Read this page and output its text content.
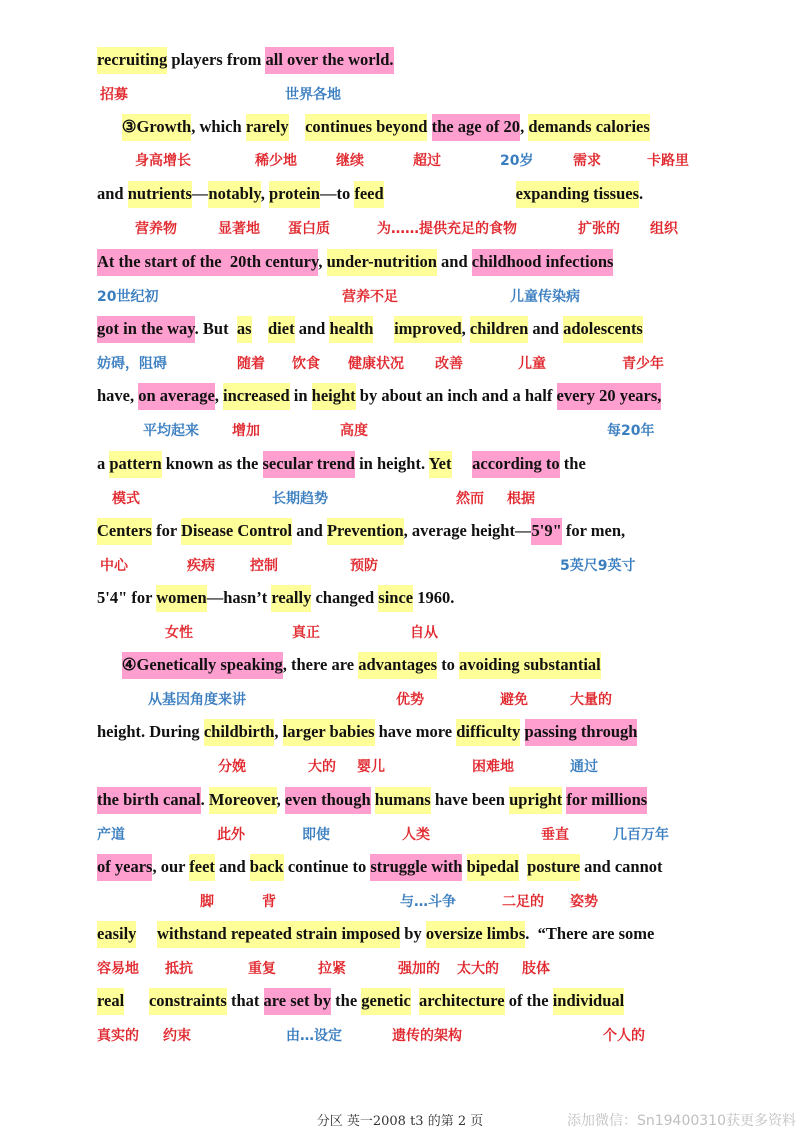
recruiting players from all over the world.
③Growth, which rarely continues beyond the age of 20, demands calories
and nutrients—notably, protein—to feed	expanding tissues.
At the start of the  20th century, under-nutrition and childhood infections
got in the way. But  as diet and health improved, children and adolescents
have, on average, increased in height by about an inch and a half every 20 years,
a pattern known as the secular trend in height. Yet according to the
Centers for Disease Control and Prevention, average height—5'9" for men,
5'4" for women—hasn’t really changed since 1960.
④Genetically speaking, there are advantages to avoiding substantial
height. During childbirth, larger babies have more difficulty passing through
the birth canal. Moreover, even though humans have been upright for millions
of years, our feet and back continue to struggle with bipedal posture and cannot
easily withstand repeated strain imposed by oversize limbs.  “There are some
real constraints that are set by the genetic architecture of the individual
招募	世界各地
身高增长	稀少地	继续	超过	20岁	需求	卡路里
营养物	显著地 蛋白质	为……提供充足的食物	扩张的 组织
20世纪初	营养不足	儿童传染病
妨碍，阻碍	随着 饮食 健康状况 改善	儿童	青少年
平均起来 增加	高度	每20年
模式	长期趋势	然而 根据
中心	疾病	控制	预防	5英尺9英寸
女性	真正	自从
从基因角度来讲	优势	避免	大量的
分娩	大的 婴儿	困难地	通过
产道	此外	即使	人类	垂直	几百万年
脚	背	与…斗争	二足的 姿势
容易地 抵抗	重复	拉紧	强加的 太大的 肢体
真实的 约束	由…设定	遗传的架构	个人的
分区 英一2008 t3 的第 2 页	添加微信：Sn19400310获更多资料
